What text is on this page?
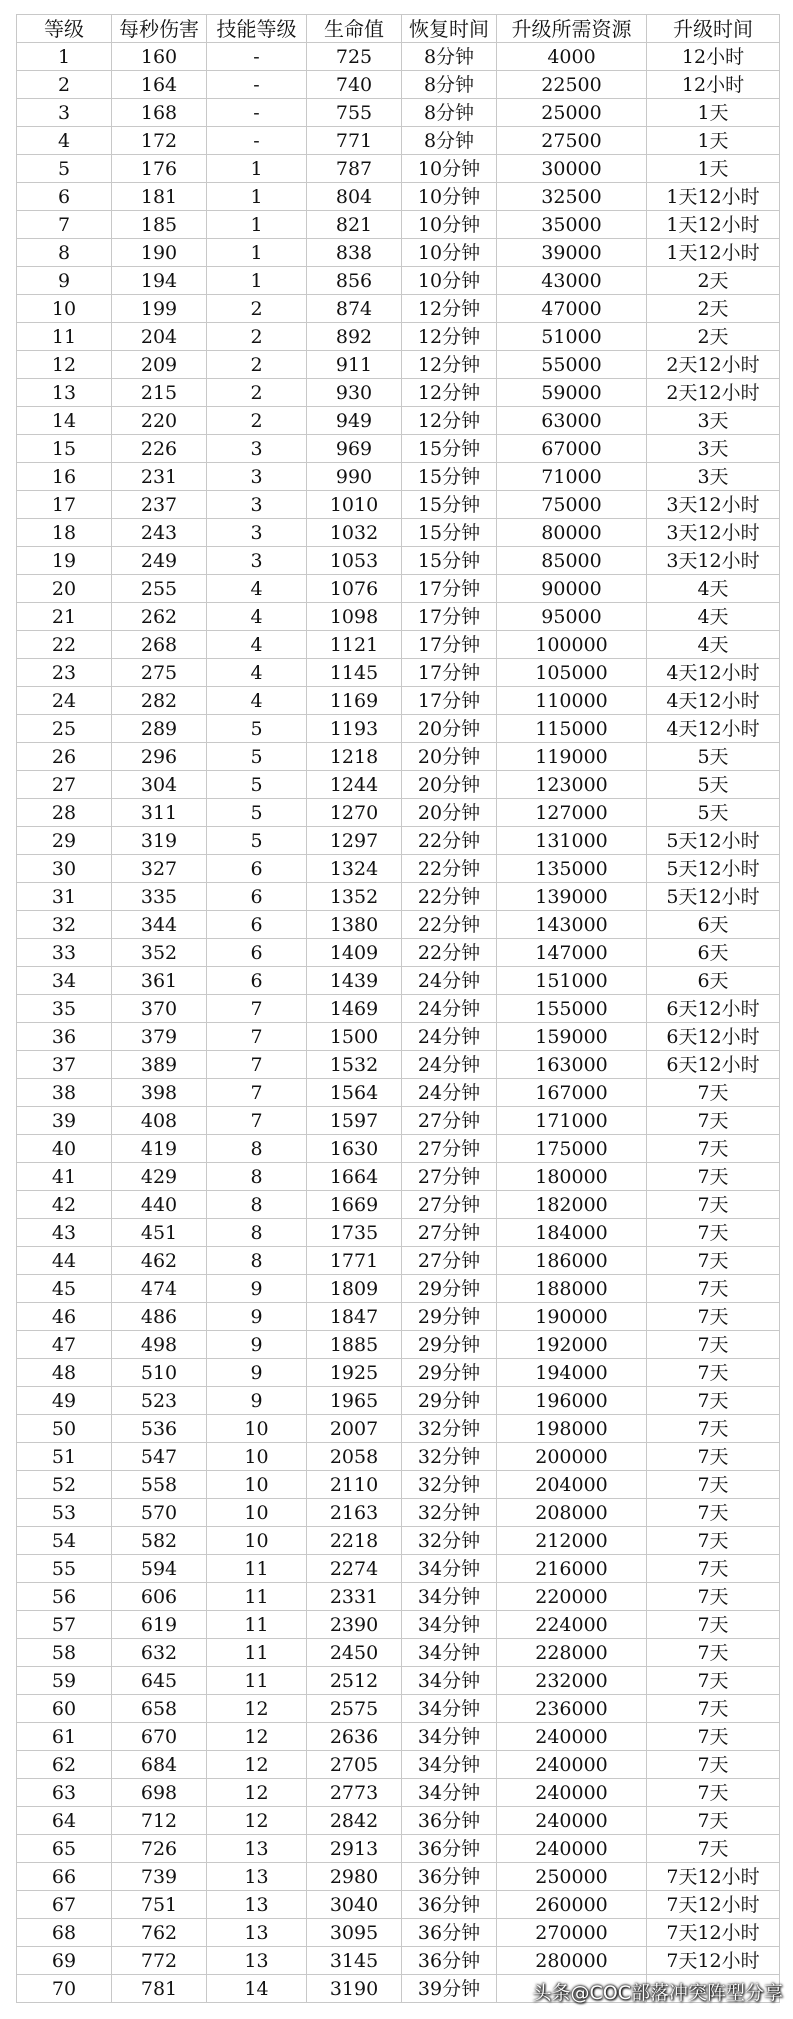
等级	每秒伤害	技能等级	生命值	恢复时间	升级所需资源	升级时间
1	160	-	725	8分钟	4000	12小时
2	164	-	740	8分钟	22500	12小时
3	168	-	755	8分钟	25000	1天
4	172	-	771	8分钟	27500	1天
5	176	1	787	10分钟	30000	1天
6	181	1	804	10分钟	32500	1天12小时
7	185	1	821	10分钟	35000	1天12小时
8	190	1	838	10分钟	39000	1天12小时
9	194	1	856	10分钟	43000	2天
10	199	2	874	12分钟	47000	2天
11	204	2	892	12分钟	51000	2天
12	209	2	911	12分钟	55000	2天12小时
13	215	2	930	12分钟	59000	2天12小时
14	220	2	949	12分钟	63000	3天
15	226	3	969	15分钟	67000	3天
16	231	3	990	15分钟	71000	3天
17	237	3	1010	15分钟	75000	3天12小时
18	243	3	1032	15分钟	80000	3天12小时
19	249	3	1053	15分钟	85000	3天12小时
20	255	4	1076	17分钟	90000	4天
21	262	4	1098	17分钟	95000	4天
22	268	4	1121	17分钟	100000	4天
23	275	4	1145	17分钟	105000	4天12小时
24	282	4	1169	17分钟	110000	4天12小时
25	289	5	1193	20分钟	115000	4天12小时
26	296	5	1218	20分钟	119000	5天
27	304	5	1244	20分钟	123000	5天
28	311	5	1270	20分钟	127000	5天
29	319	5	1297	22分钟	131000	5天12小时
30	327	6	1324	22分钟	135000	5天12小时
31	335	6	1352	22分钟	139000	5天12小时
32	344	6	1380	22分钟	143000	6天
33	352	6	1409	22分钟	147000	6天
34	361	6	1439	24分钟	151000	6天
35	370	7	1469	24分钟	155000	6天12小时
36	379	7	1500	24分钟	159000	6天12小时
37	389	7	1532	24分钟	163000	6天12小时
38	398	7	1564	24分钟	167000	7天
39	408	7	1597	27分钟	171000	7天
40	419	8	1630	27分钟	175000	7天
41	429	8	1664	27分钟	180000	7天
42	440	8	1669	27分钟	182000	7天
43	451	8	1735	27分钟	184000	7天
44	462	8	1771	27分钟	186000	7天
45	474	9	1809	29分钟	188000	7天
46	486	9	1847	29分钟	190000	7天
47	498	9	1885	29分钟	192000	7天
48	510	9	1925	29分钟	194000	7天
49	523	9	1965	29分钟	196000	7天
50	536	10	2007	32分钟	198000	7天
51	547	10	2058	32分钟	200000	7天
52	558	10	2110	32分钟	204000	7天
53	570	10	2163	32分钟	208000	7天
54	582	10	2218	32分钟	212000	7天
55	594	11	2274	34分钟	216000	7天
56	606	11	2331	34分钟	220000	7天
57	619	11	2390	34分钟	224000	7天
58	632	11	2450	34分钟	228000	7天
59	645	11	2512	34分钟	232000	7天
60	658	12	2575	34分钟	236000	7天
61	670	12	2636	34分钟	240000	7天
62	684	12	2705	34分钟	240000	7天
63	698	12	2773	34分钟	240000	7天
64	712	12	2842	36分钟	240000	7天
65	726	13	2913	36分钟	240000	7天
66	739	13	2980	36分钟	250000	7天12小时
67	751	13	3040	36分钟	260000	7天12小时
68	762	13	3095	36分钟	270000	7天12小时
69	772	13	3145	36分钟	280000	7天12小时
70	781	14	3190	39分钟			头条@COC部落冲突阵型分享
